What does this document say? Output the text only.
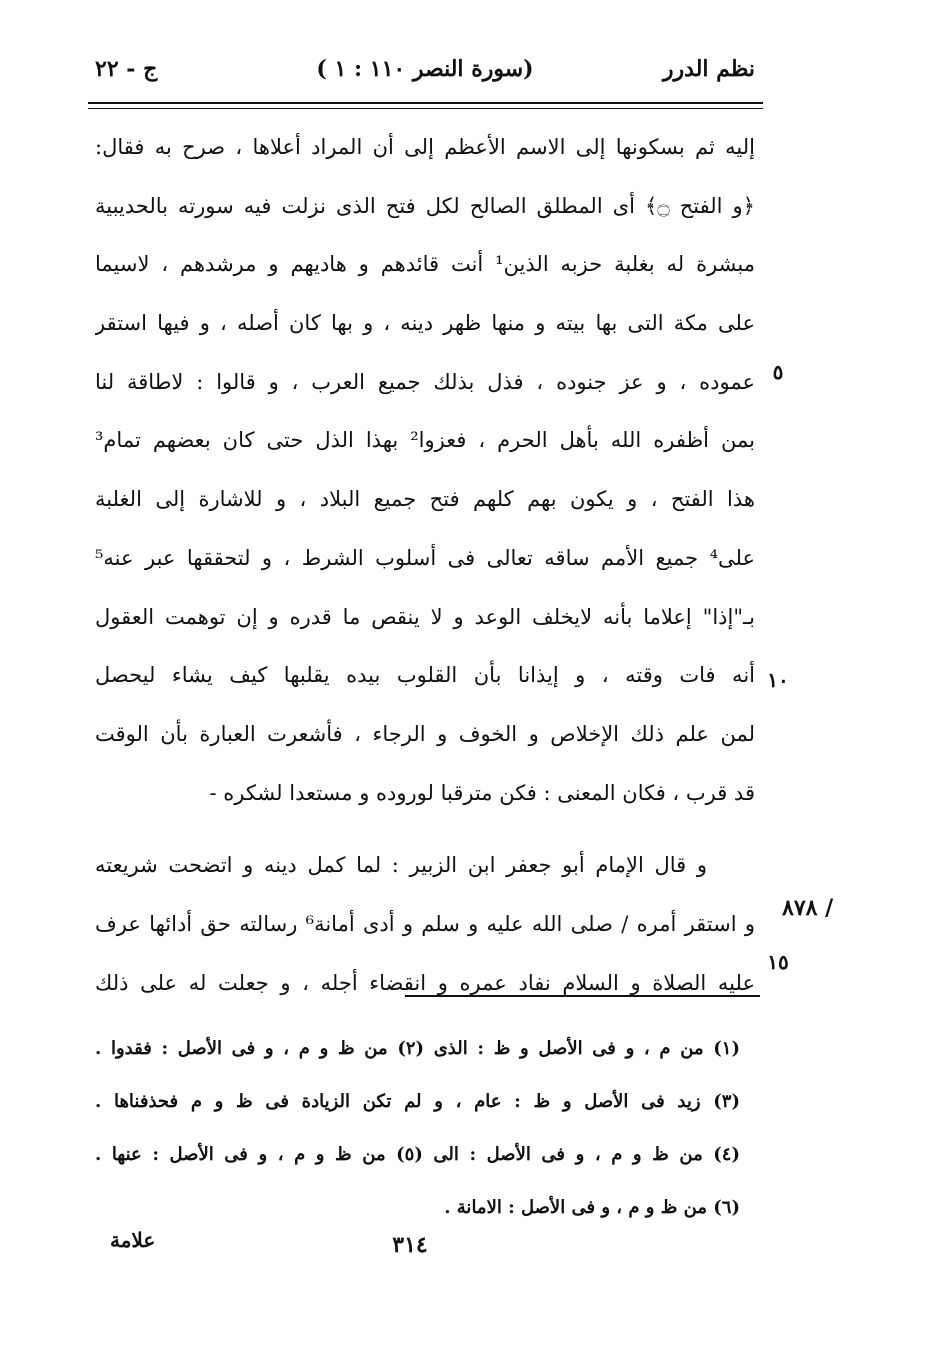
نظم الدرر
(سورة النصر ١١٠ : ١ )
ج - ٢٢
إليه ثم بسكونها إلى الاسم الأعظم إلى أن المراد أعلاها ، صرح به فقال:
﴿و الفتح ۝﴾ أى المطلق الصالح لكل فتح الذى نزلت فيه سورته بالحديبية
مبشرة له بغلبة حزبه الذين¹ أنت قائدهم و هاديهم و مرشدهم ، لاسيما
على مكة التى بها بيته و منها ظهر دينه ، و بها كان أصله ، و فيها استقر
عموده ، و عز جنوده ، فذل بذلك جميع العرب ، و قالوا : لاطاقة لنا
بمن أظفره الله بأهل الحرم ، فعزوا² بهذا الذل حتى كان بعضهم تمام³
هذا الفتح ، و يكون بهم كلهم فتح جميع البلاد ، و للاشارة إلى الغلبة
على⁴ جميع الأمم ساقه تعالى فى أسلوب الشرط ، و لتحققها عبر عنه⁵
بـ"إذا" إعلاما بأنه لايخلف الوعد و لا ينقص ما قدره و إن توهمت العقول
أنه فات وقته ، و إيذانا بأن القلوب بيده يقلبها كيف يشاء ليحصل
لمن علم ذلك الإخلاص و الخوف و الرجاء ، فأشعرت العبارة بأن الوقت
قد قرب ، فكان المعنى : فكن مترقبا لوروده و مستعدا لشكره -
و قال الإمام أبو جعفر ابن الزبير : لما كمل دينه و اتضحت شريعته
و استقر أمره / صلى الله عليه و سلم و أدى أمانة⁶ رسالته حق أدائها عرف
عليه الصلاة و السلام نفاد عمره و انقضاء أجله ، و جعلت له على ذلك
٥
١٠
١٥
٨٧٨ /
(١) من م ، و فى الأصل و ظ : الذى (٢) من ظ و م ، و فى الأصل : فقدوا .
(٣) زيد فى الأصل و ظ : عام ، و لم تكن الزيادة فى ظ و م فحذفناها .
(٤) من ظ و م ، و فى الأصل : الى (٥) من ظ و م ، و فى الأصل : عنها .
(٦) من ظ و م ، و فى الأصل : الامانة .
٣١٤
علامة
